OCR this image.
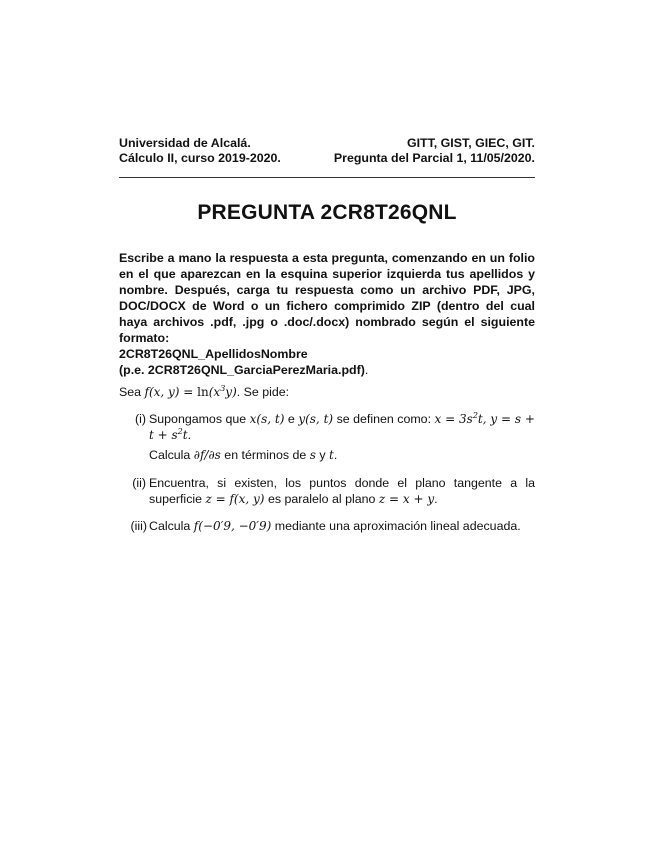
Universidad de Alcalá.	GITT, GIST, GIEC, GIT.
Cálculo II, curso 2019-2020.	Pregunta del Parcial 1, 11/05/2020.
PREGUNTA 2CR8T26QNL
Escribe a mano la respuesta a esta pregunta, comenzando en un folio en el que aparezcan en la esquina superior izquierda tus apellidos y nombre. Después, carga tu respuesta como un archivo PDF, JPG, DOC/DOCX de Word o un fichero comprimido ZIP (dentro del cual haya archivos .pdf, .jpg o .doc/.docx) nombrado según el siguiente formato:
2CR8T26QNL_ApellidosNombre
(p.e. 2CR8T26QNL_GarciaPerezMaria.pdf).
Sea f(x, $y) = \ln(x^3y)$. Se pide:
(i) Supongamos que x(s, t) e y(s, t) se definen como: $x = 3s^2t$, $y = s + t + s^2t$.
Calcula ∂f/∂s en términos de s y t.
(ii) Encuentra, si existen, los puntos donde el plano tangente a la superficie z = f(x, y) es paralelo al plano z = x + y.
(iii) Calcula f(−0′9, −0′9) mediante una aproximación lineal adecuada.
